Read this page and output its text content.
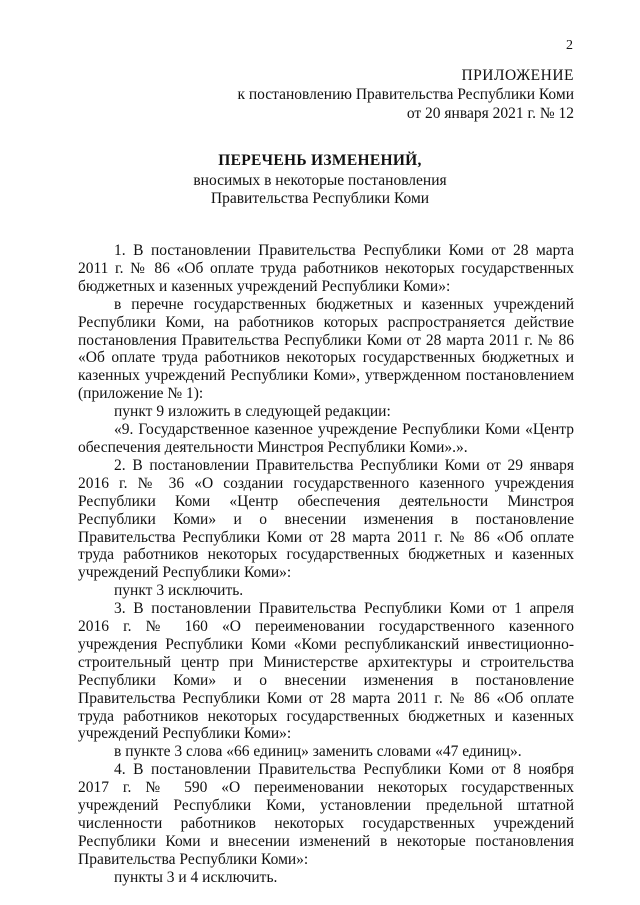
2
ПРИЛОЖЕНИЕ
к постановлению Правительства Республики Коми
от 20 января 2021 г. № 12
ПЕРЕЧЕНЬ ИЗМЕНЕНИЙ,
вносимых в некоторые постановления
Правительства Республики Коми

1. В постановлении Правительства Республики Коми от 28 марта 2011 г. № 86 «Об оплате труда работников некоторых государственных бюджетных и казенных учреждений Республики Коми»:

в перечне государственных бюджетных и казенных учреждений Республики Коми, на работников которых распространяется действие постановления Правительства Республики Коми от 28 марта 2011 г. № 86 «Об оплате труда работников некоторых государственных бюджетных и казенных учреждений Республики Коми», утвержденном постановлением (приложение № 1):

пункт 9 изложить в следующей редакции:

«9. Государственное казенное учреждение Республики Коми «Центр обеспечения деятельности Минстроя Республики Коми».».

2. В постановлении Правительства Республики Коми от 29 января 2016 г. № 36 «О создании государственного казенного учреждения Республики Коми «Центр обеспечения деятельности Минстроя Республики Коми» и о внесении изменения в постановление Правительства Республики Коми от 28 марта 2011 г. № 86 «Об оплате труда работников некоторых государственных бюджетных и казенных учреждений Республики Коми»:

пункт 3 исключить.

3. В постановлении Правительства Республики Коми от 1 апреля 2016 г. № 160 «О переименовании государственного казенного учреждения Республики Коми «Коми республиканский инвестиционно-строительный центр при Министерстве архитектуры и строительства Республики Коми» и о внесении изменения в постановление Правительства Республики Коми от 28 марта 2011 г. № 86 «Об оплате труда работников некоторых государственных бюджетных и казенных учреждений Республики Коми»:

в пункте 3 слова «66 единиц» заменить словами «47 единиц».

4. В постановлении Правительства Республики Коми от 8 ноября 2017 г. № 590 «О переименовании некоторых государственных учреждений Республики Коми, установлении предельной штатной численности работников некоторых государственных учреждений Республики Коми и внесении изменений в некоторые постановления Правительства Республики Коми»:

пункты 3 и 4 исключить.
